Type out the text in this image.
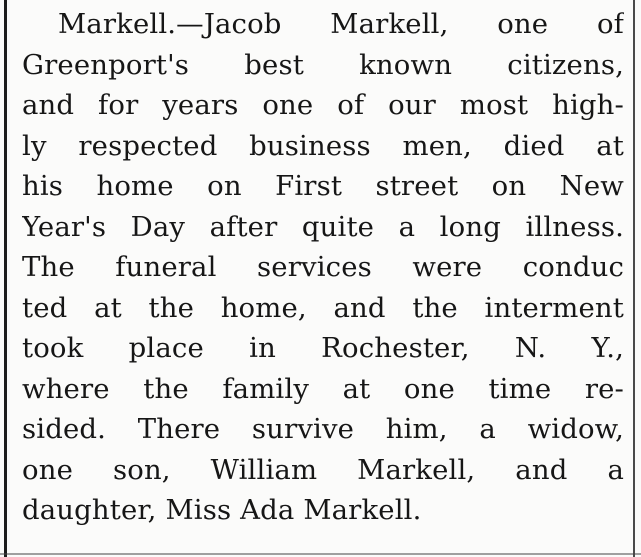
Markell.—Jacob Markell, one of
Greenport's best known citizens,
and for years one of our most high-
ly respected business men, died at
his home on First street on New
Year's Day after quite a long illness.
The funeral services were conduc
ted at the home, and the interment
took place in Rochester, N. Y.,
where the family at one time re-
sided. There survive him, a widow,
one son, William Markell, and a
daughter, Miss Ada Markell.
